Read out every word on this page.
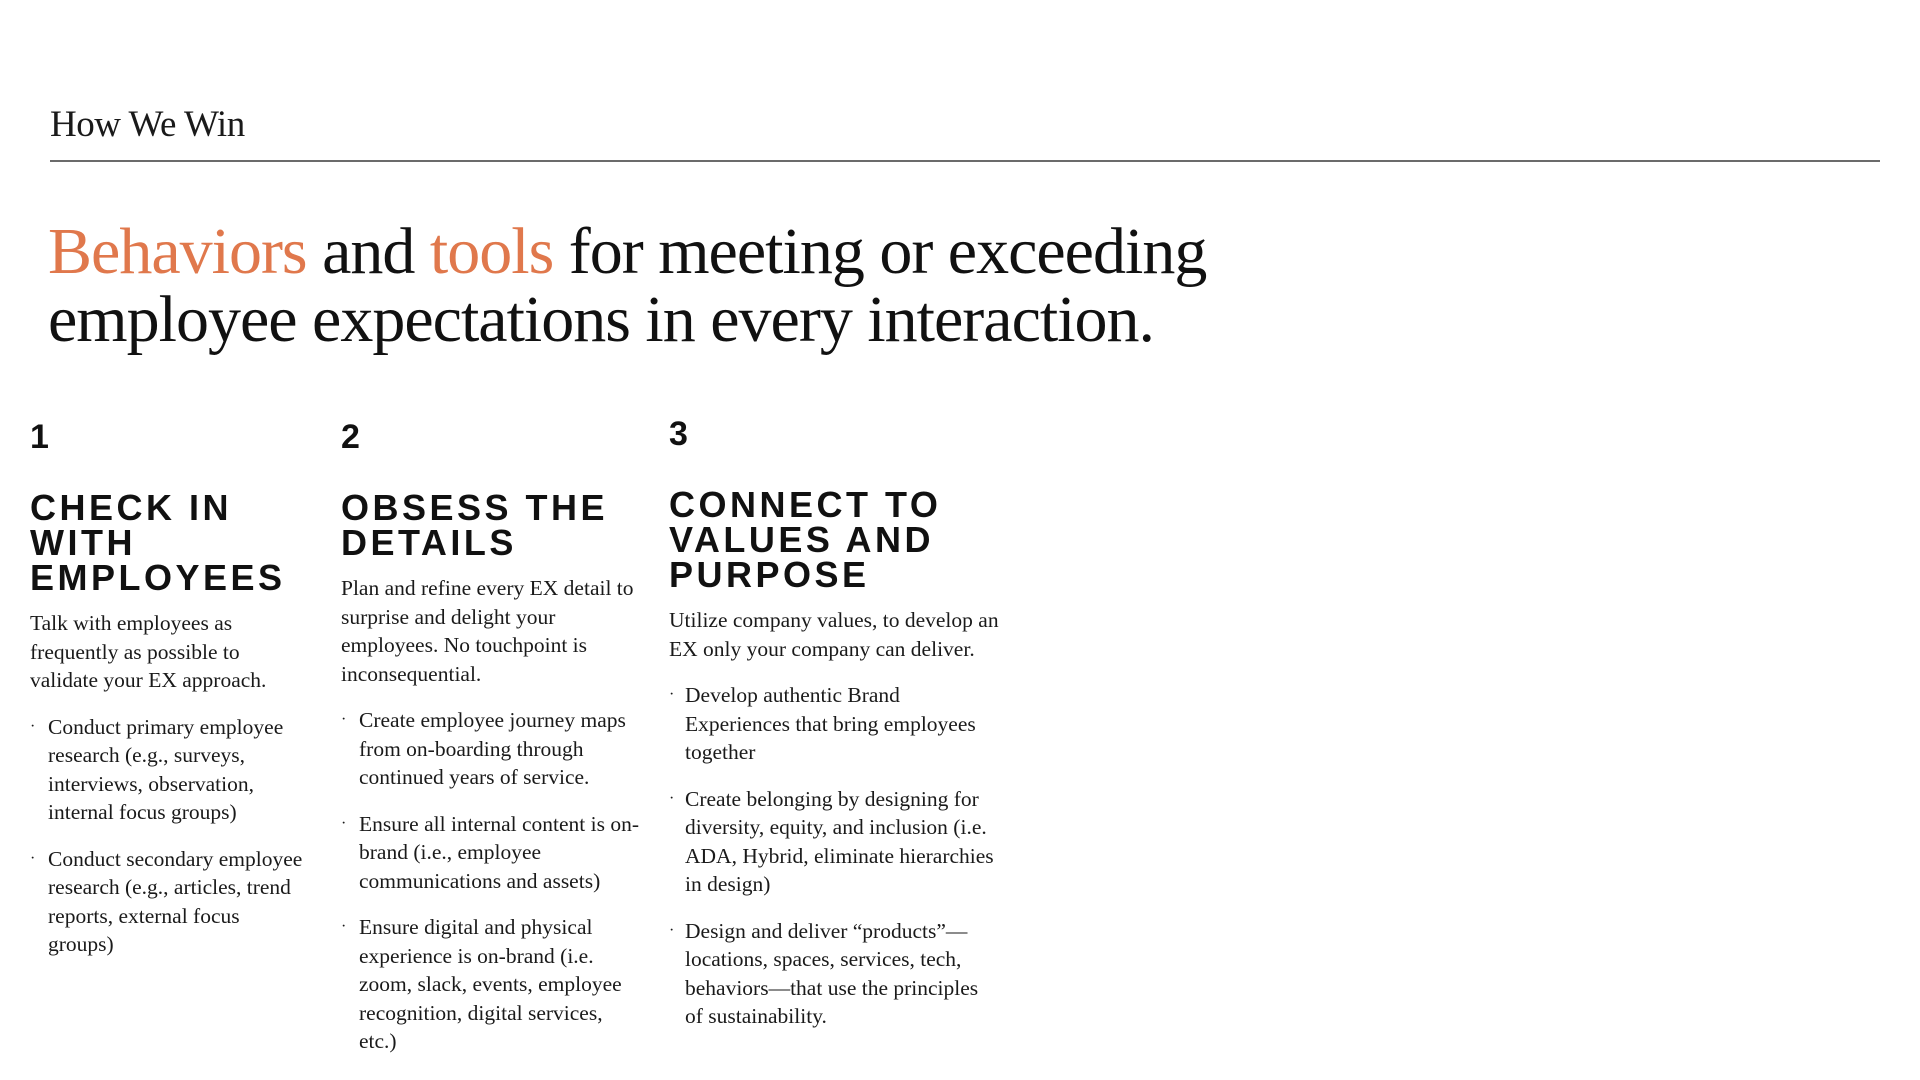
How We Win
Behaviors and tools for meeting or exceeding employee expectations in every interaction.
1
CHECK IN WITH EMPLOYEES
Talk with employees as frequently as possible to validate your EX approach.
· Conduct primary employee research (e.g., surveys, interviews, observation, internal focus groups)
· Conduct secondary employee research (e.g., articles, trend reports, external focus groups)
2
OBSESS THE DETAILS
Plan and refine every EX detail to surprise and delight your employees. No touchpoint is inconsequential.
· Create employee journey maps from on-boarding through continued years of service.
· Ensure all internal content is on-brand (i.e., employee communications and assets)
· Ensure digital and physical experience is on-brand (i.e. zoom, slack, events, employee recognition, digital services, etc.)
3
CONNECT TO VALUES AND PURPOSE
Utilize company values, to develop an EX only your company can deliver.
· Develop authentic Brand Experiences that bring employees together
· Create belonging by designing for diversity, equity, and inclusion (i.e. ADA, Hybrid, eliminate hierarchies in design)
· Design and deliver “products”—locations, spaces, services, tech, behaviors—that use the principles of sustainability.
